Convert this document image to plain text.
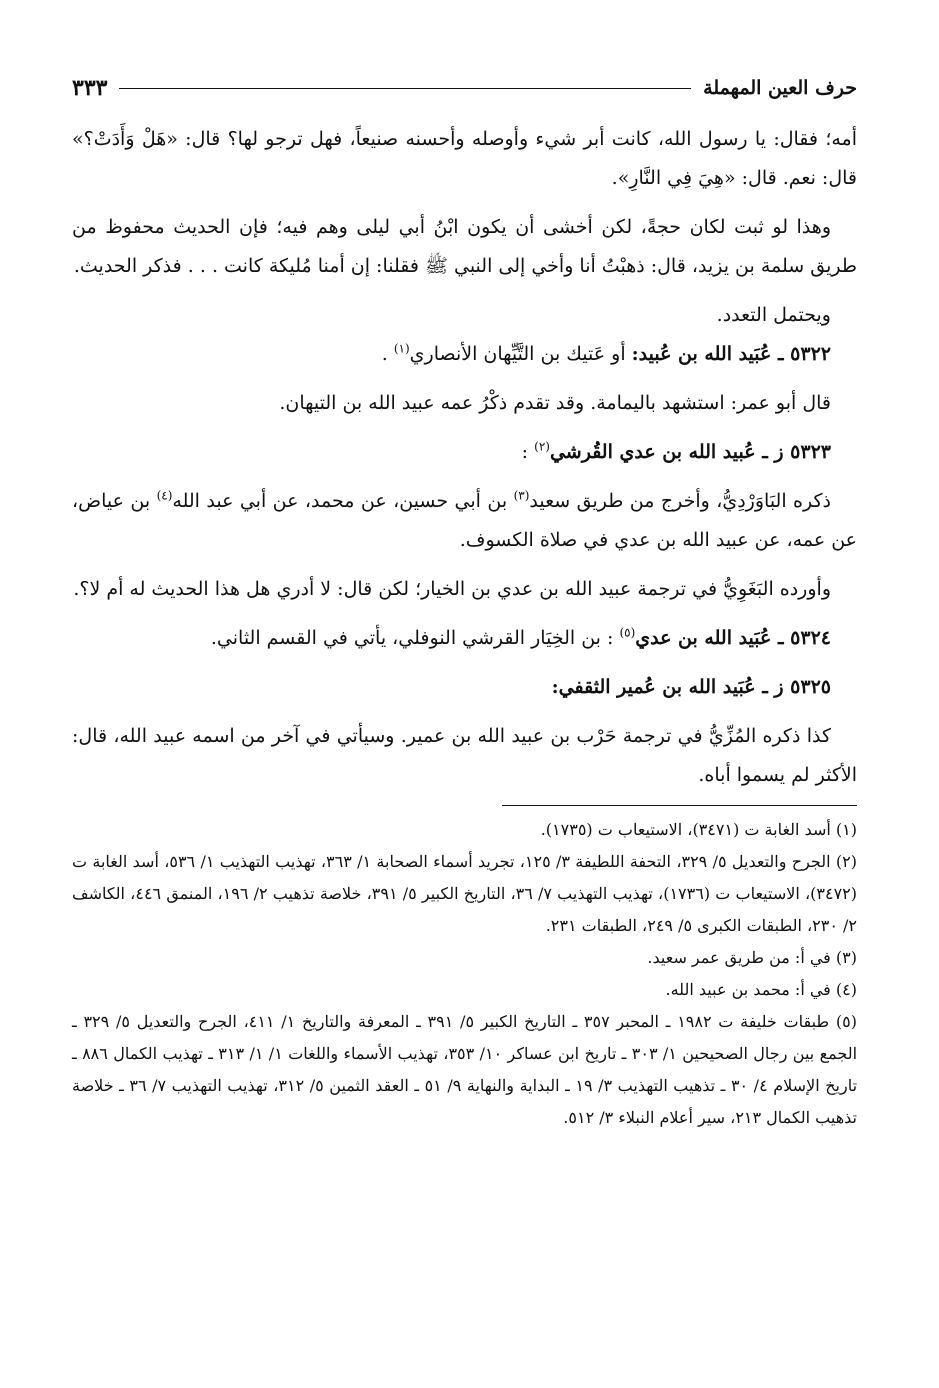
حرف العين المهملة
٣٣٣

أمه؛ فقال: يا رسول الله، كانت أبر شيء وأوصله وأحسنه صنيعاً، فهل ترجو لها؟ قال: «هَلْ وَأَدَتْ؟» قال: نعم. قال: «هِيَ فِي النَّارِ».

وهذا لو ثبت لكان حجةً، لكن أخشى أن يكون ابْنُ أبي ليلى وهم فيه؛ فإن الحديث محفوظ من طريق سلمة بن يزيد، قال: ذهبْتُ أنا وأخي إلى النبي ﷺ فقلنا: إن أمنا مُليكة كانت . . . فذكر الحديث.

ويحتمل التعدد.

٥٣٢٢ ـ عُبَيد الله بن عُبيد: أو عَتيك بن التَّيِّهان الأنصاري$^{(١)}$ .

قال أبو عمر: استشهد باليمامة. وقد تقدم ذكْرُ عمه عبيد الله بن التيهان.

٥٣٢٣ ز ـ عُبيد الله بن عدي القُرشي$^{(٢)}$ :

ذكره البَاوَرْدِيُّ، وأخرج من طريق سعيد$^{(٣)}$ بن أبي حسين، عن محمد، عن أبي عبد الله$^{(٤)}$ بن عياض، عن عمه، عن عبيد الله بن عدي في صلاة الكسوف.

وأورده البَغَوِيُّ في ترجمة عبيد الله بن عدي بن الخيار؛ لكن قال: لا أدري هل هذا الحديث له أم لا؟.

٥٣٢٤ ـ عُبَيد الله بن عدي$^{(٥)}$ : بن الخِيَار القرشي النوفلي، يأتي في القسم الثاني.
٥٣٢٥ ز ـ عُبَيد الله بن عُمير الثقفي:

كذا ذكره المُزِّيُّ في ترجمة حَرْب بن عبيد الله بن عمير. وسيأتي في آخر من اسمه عبيد الله، قال: الأكثر لم يسموا أباه.

(١) أسد الغابة ت (٣٤٧١)، الاستيعاب ت (١٧٣٥).

(٢) الجرح والتعديل ٥/ ٣٢٩، التحفة اللطيفة ٣/ ١٢٥، تجريد أسماء الصحابة ١/ ٣٦٣، تهذيب التهذيب ١/ ٥٣٦، أسد الغابة ت (٣٤٧٢)، الاستيعاب ت (١٧٣٦)، تهذيب التهذيب ٧/ ٣٦، التاريخ الكبير ٥/ ٣٩١، خلاصة تذهيب ٢/ ١٩٦، المنمق ٤٤٦، الكاشف ٢/ ٢٣٠، الطبقات الكبرى ٥/ ٢٤٩، الطبقات ٢٣١.

(٣) في أ: من طريق عمر سعيد.

(٤) في أ: محمد بن عبيد الله.

(٥) طبقات خليفة ت ١٩٨٢ ـ المحبر ٣٥٧ ـ التاريخ الكبير ٥/ ٣٩١ ـ المعرفة والتاريخ ١/ ٤١١، الجرح والتعديل ٥/ ٣٢٩ ـ الجمع بين رجال الصحيحين ١/ ٣٠٣ ـ تاريخ ابن عساكر ١٠/ ٣٥٣، تهذيب الأسماء واللغات ١/ ١/ ٣١٣ ـ تهذيب الكمال ٨٨٦ ـ تاريخ الإسلام ٤/ ٣٠ ـ تذهيب التهذيب ٣/ ١٩ ـ البداية والنهاية ٩/ ٥١ ـ العقد الثمين ٥/ ٣١٢، تهذيب التهذيب ٧/ ٣٦ ـ خلاصة تذهيب الكمال ٢١٣، سير أعلام النبلاء ٣/ ٥١٢.
